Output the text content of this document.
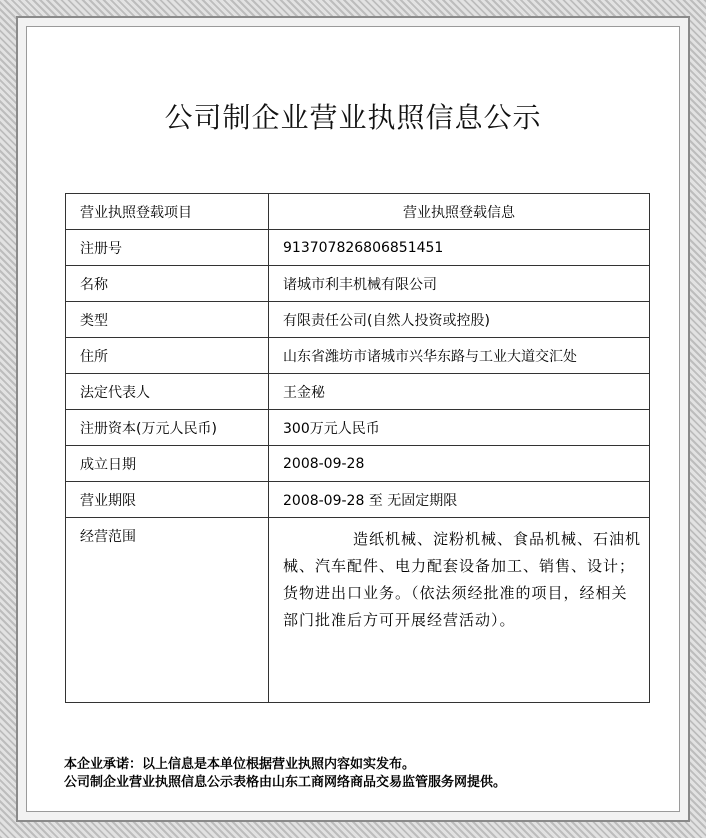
公司制企业营业执照信息公示
营业执照登载项目	营业执照登载信息
注册号	913707826806851451
名称	诸城市利丰机械有限公司
类型	有限责任公司(自然人投资或控股)
住所	山东省潍坊市诸城市兴华东路与工业大道交汇处
法定代表人	王金秘
注册资本(万元人民币)	300万元人民币
成立日期	2008-09-28
营业期限	2008-09-28 至 无固定期限
经营范围	造纸机械、淀粉机械、食品机械、石油机械、汽车配件、电力配套设备加工、销售、设计；货物进出口业务。（依法须经批准的项目，经相关部门批准后方可开展经营活动）。
本企业承诺：以上信息是本单位根据营业执照内容如实发布。
公司制企业营业执照信息公示表格由山东工商网络商品交易监管服务网提供。
